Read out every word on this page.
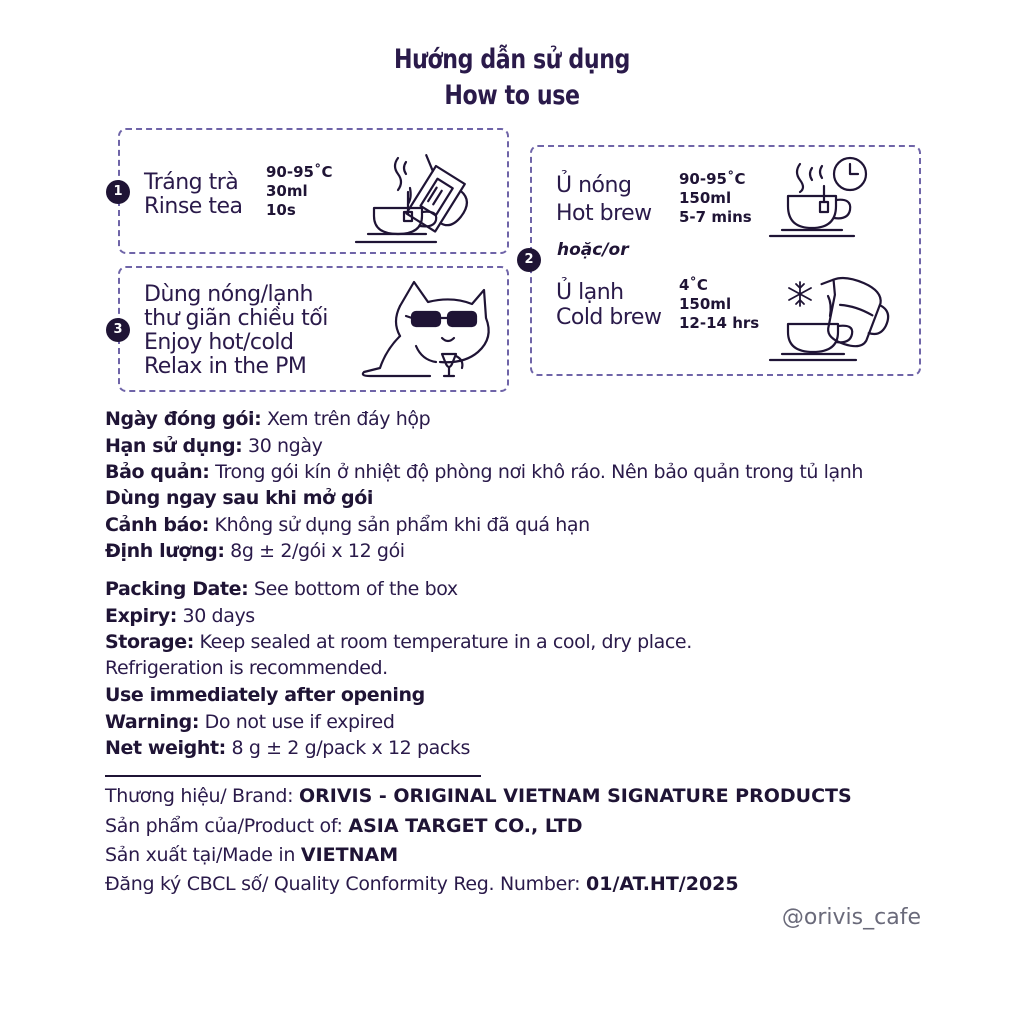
Hướng dẫn sử dụng
How to use
1 Tráng trà
Rinse tea
90-95˚C
30ml
10s
3
Dùng nóng/lạnh
thư giãn chiều tối
Enjoy hot/cold
Relax in the PM
2
Ủ nóng
Hot brew
90-95˚C
150ml
5-7 mins
hoặc/or
Ủ lạnh
Cold brew
4˚C
150ml
12-14 hrs
Ngày đóng gói: Xem trên đáy hộp
Hạn sử dụng: 30 ngày
Bảo quản: Trong gói kín ở nhiệt độ phòng nơi khô ráo. Nên bảo quản trong tủ lạnh
Dùng ngay sau khi mở gói
Cảnh báo: Không sử dụng sản phẩm khi đã quá hạn
Định lượng: 8g ± 2/gói x 12 gói
Packing Date: See bottom of the box
Expiry: 30 days
Storage: Keep sealed at room temperature in a cool, dry place.
Refrigeration is recommended.
Use immediately after opening
Warning: Do not use if expired
Net weight: 8 g ± 2 g/pack x 12 packs
Thương hiệu/ Brand: ORIVIS - ORIGINAL VIETNAM SIGNATURE PRODUCTS
Sản phẩm của/Product of: ASIA TARGET CO., LTD
Sản xuất tại/Made in VIETNAM
Đăng ký CBCL số/ Quality Conformity Reg. Number: 01/AT.HT/2025
@orivis_cafe
